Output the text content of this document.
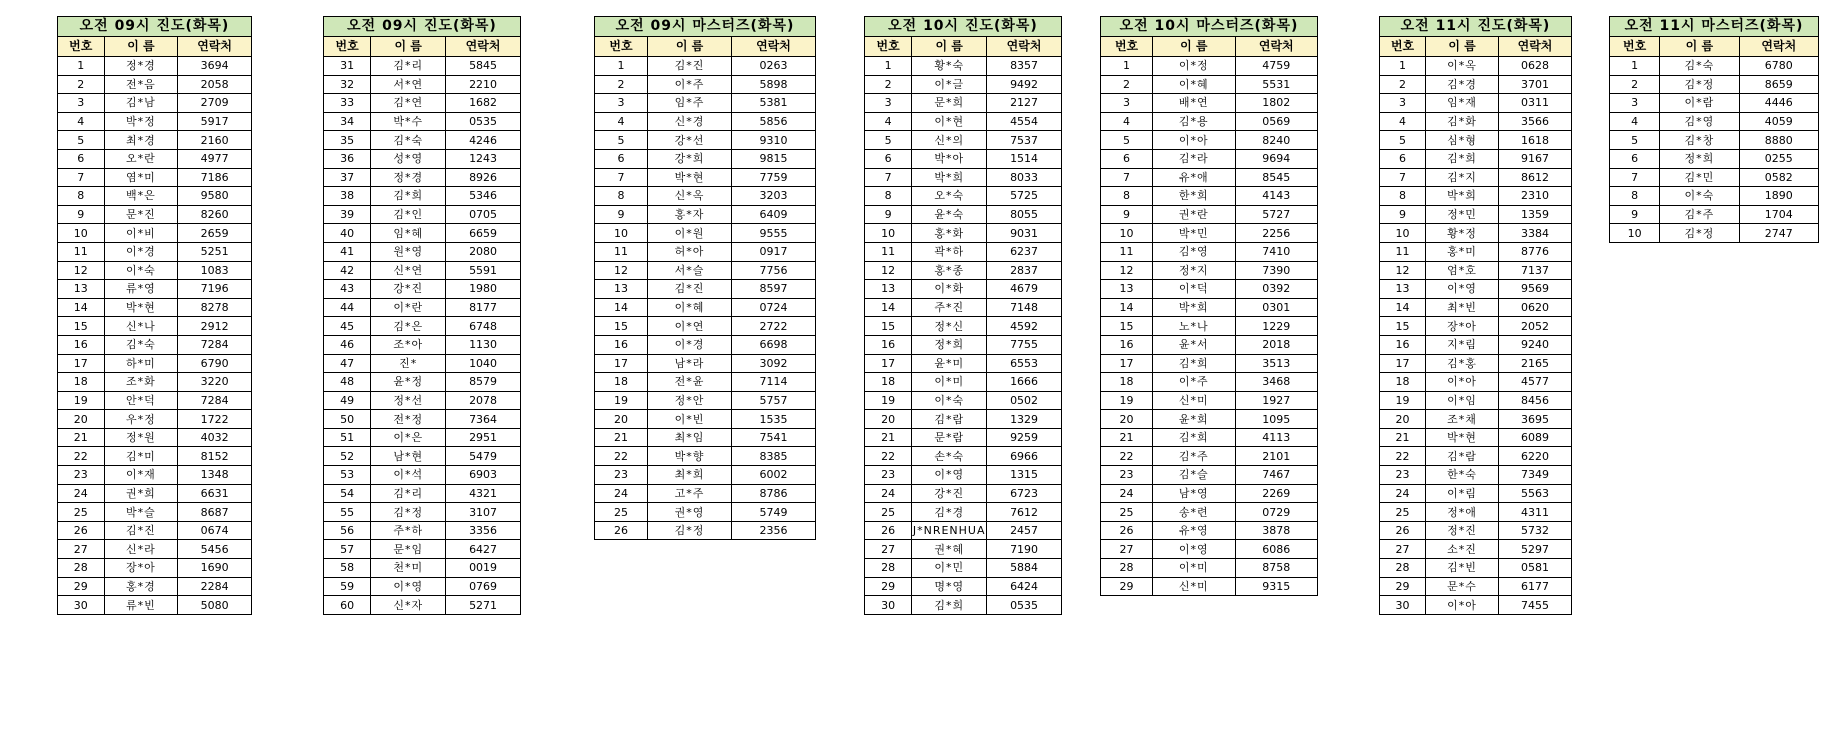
오전 09시 진도(화목)		
번호	이 름	연락처
1	정*경	3694
2	전*음	2058
3	김*남	2709
4	박*정	5917
5	최*경	2160
6	오*란	4977
7	염*미	7186
8	백*은	9580
9	문*진	8260
10	이*비	2659
11	이*경	5251
12	이*숙	1083
13	류*영	7196
14	박*현	8278
15	신*나	2912
16	김*숙	7284
17	하*미	6790
18	조*화	3220
19	안*덕	7284
20	우*정	1722
21	정*원	4032
22	김*미	8152
23	이*재	1348
24	권*희	6631
25	박*슬	8687
26	김*진	0674
27	신*라	5456
28	장*아	1690
29	홍*경	2284
30	류*빈	5080
오전 09시 진도(화목)		
번호	이 름	연락처
31	김*리	5845
32	서*연	2210
33	김*연	1682
34	박*수	0535
35	김*숙	4246
36	성*영	1243
37	정*경	8926
38	김*희	5346
39	김*인	0705
40	임*혜	6659
41	원*영	2080
42	신*연	5591
43	강*진	1980
44	이*란	8177
45	김*은	6748
46	조*아	1130
47	진*	1040
48	윤*정	8579
49	정*선	2078
50	전*정	7364
51	이*은	2951
52	남*현	5479
53	이*석	6903
54	김*리	4321
55	김*정	3107
56	주*하	3356
57	문*임	6427
58	천*미	0019
59	이*영	0769
60	신*자	5271
오전 09시 마스터즈(화목)		
번호	이 름	연락처
1	김*진	0263
2	이*주	5898
3	임*주	5381
4	신*경	5856
5	강*선	9310
6	강*희	9815
7	박*현	7759
8	신*옥	3203
9	홍*자	6409
10	이*원	9555
11	허*아	0917
12	서*슬	7756
13	김*진	8597
14	이*혜	0724
15	이*연	2722
16	이*경	6698
17	남*라	3092
18	전*윤	7114
19	정*안	5757
20	이*빈	1535
21	최*임	7541
22	박*향	8385
23	최*희	6002
24	고*주	8786
25	권*영	5749
26	김*정	2356
오전 10시 진도(화목)		
번호	이 름	연락처
1	황*숙	8357
2	이*글	9492
3	문*희	2127
4	이*현	4554
5	신*의	7537
6	박*아	1514
7	박*희	8033
8	오*숙	5725
9	윤*숙	8055
10	홍*화	9031
11	곽*하	6237
12	홍*종	2837
13	이*화	4679
14	주*진	7148
15	정*신	4592
16	정*희	7755
17	윤*미	6553
18	이*미	1666
19	이*숙	0502
20	김*람	1329
21	문*람	9259
22	손*숙	6966
23	이*영	1315
24	강*진	6723
25	김*경	7612
26	J*NRENHUA	2457
27	권*혜	7190
28	이*민	5884
29	명*영	6424
30	김*희	0535
오전 10시 마스터즈(화목)		
번호	이 름	연락처
1	이*정	4759
2	이*혜	5531
3	배*연	1802
4	김*용	0569
5	이*아	8240
6	김*라	9694
7	유*애	8545
8	한*희	4143
9	권*란	5727
10	박*민	2256
11	김*영	7410
12	정*지	7390
13	이*덕	0392
14	박*희	0301
15	노*나	1229
16	윤*서	2018
17	김*희	3513
18	이*주	3468
19	신*미	1927
20	윤*희	1095
21	김*희	4113
22	김*주	2101
23	김*슬	7467
24	남*영	2269
25	송*련	0729
26	유*영	3878
27	이*영	6086
28	이*미	8758
29	신*미	9315
오전 11시 진도(화목)		
번호	이 름	연락처
1	이*옥	0628
2	김*경	3701
3	임*재	0311
4	김*화	3566
5	심*형	1618
6	김*희	9167
7	김*지	8612
8	박*희	2310
9	정*민	1359
10	황*정	3384
11	홍*미	8776
12	엄*호	7137
13	이*영	9569
14	최*빈	0620
15	장*아	2052
16	지*림	9240
17	김*홍	2165
18	이*아	4577
19	이*임	8456
20	조*채	3695
21	박*현	6089
22	김*람	6220
23	한*숙	7349
24	이*림	5563
25	정*애	4311
26	정*진	5732
27	소*진	5297
28	김*빈	0581
29	문*수	6177
30	이*아	7455
오전 11시 마스터즈(화목)		
번호	이 름	연락처
1	김*숙	6780
2	김*정	8659
3	이*람	4446
4	김*영	4059
5	김*창	8880
6	정*희	0255
7	김*민	0582
8	이*숙	1890
9	김*주	1704
10	김*정	2747
